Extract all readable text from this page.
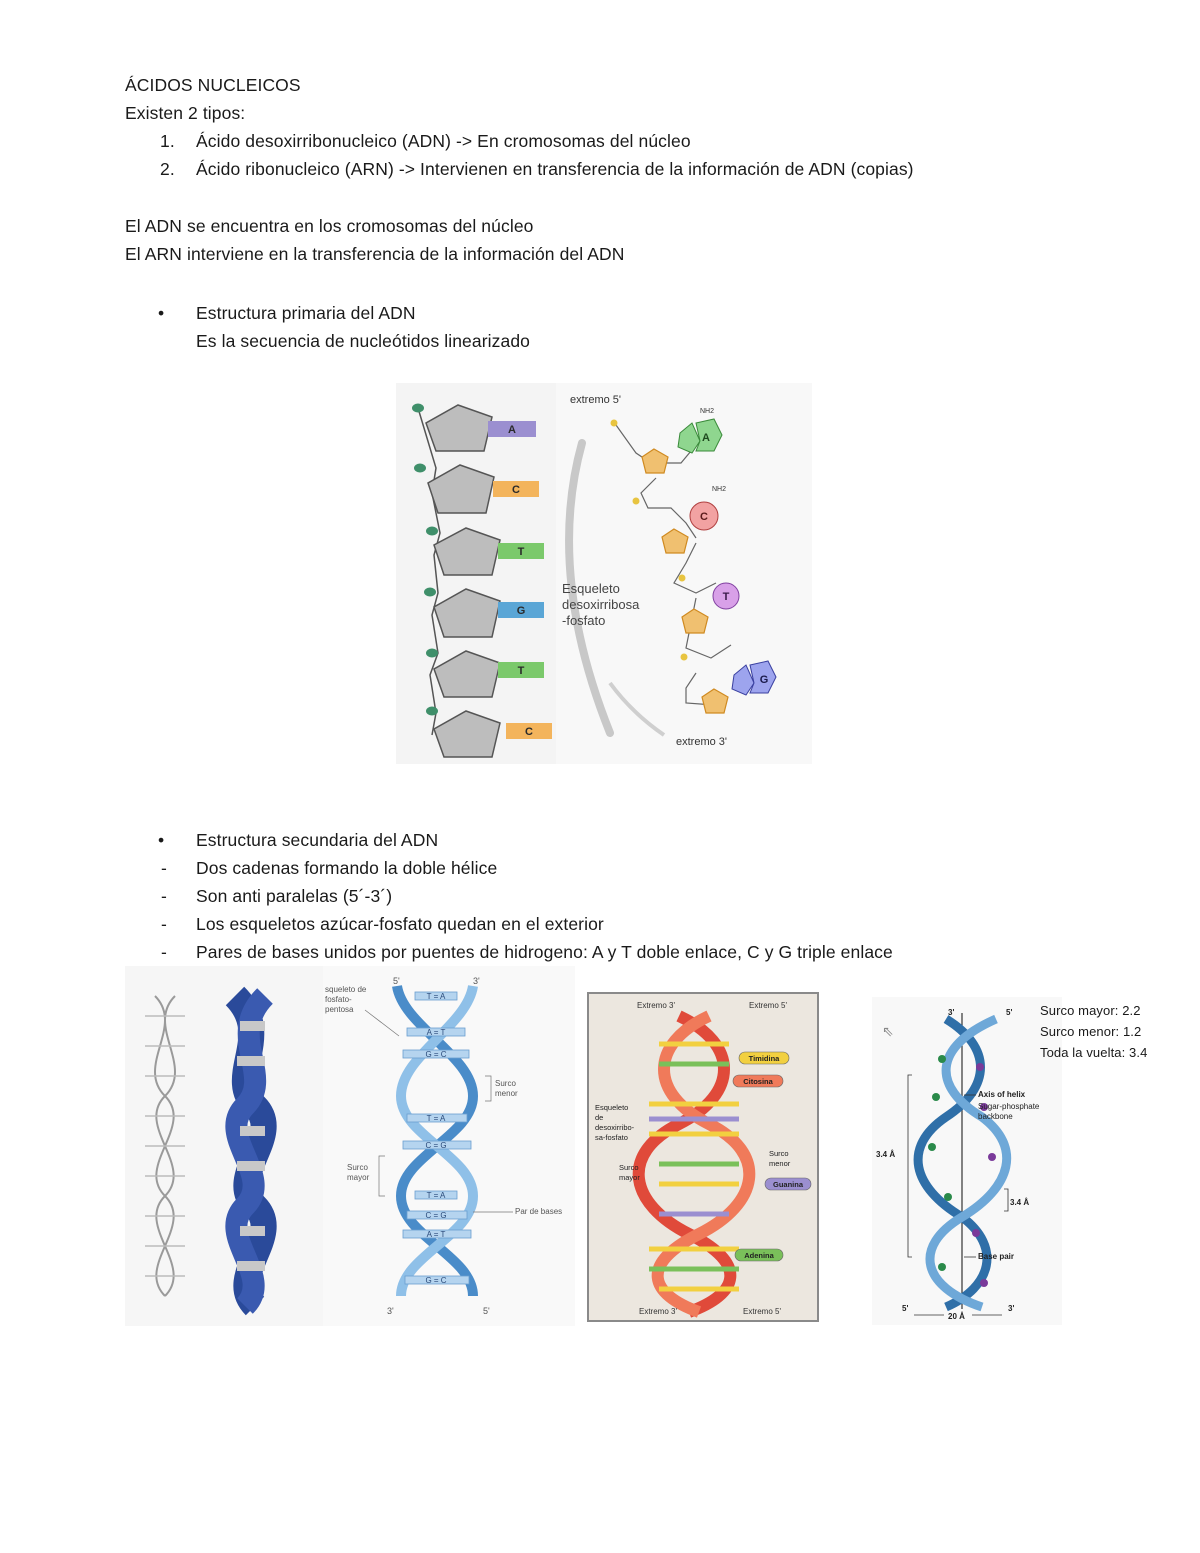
ÁCIDOS NUCLEICOS
Existen 2 tipos:
1. Ácido desoxirribonucleico (ADN) -> En cromosomas del núcleo
2. Ácido ribonucleico (ARN) -> Intervienen en transferencia de la información de ADN (copias)
El ADN se encuentra en los cromosomas del núcleo
El ARN interviene en la transferencia de la información del ADN
• Estructura primaria del ADN
Es la secuencia de nucleótidos linearizado
A
C
T
G
T
C
extremo 5'
A
NH2
C
NH2
T
G
Esqueleto
desoxirribosa
-fosfato
extremo 3'
• Estructura secundaria del ADN
- Dos cadenas formando la doble hélice
- Son anti paralelas (5´-3´)
- Los esqueletos azúcar-fosfato quedan en el exterior
- Pares de bases unidos por puentes de hidrogeno: A y T doble enlace, C y G triple enlace
5'	3'
T = A
A = T
G = C
T = A
C = G
T = A
C = G
A = T
G = C
squeleto de
fosfato-
pentosa
Surco
menor
Surco
mayor
Par de bases
3'	5'
Extremo 3'	Extremo 5'
Esqueleto
de
desoxirribo-
sa-fosfato
Surco
menor
Surco
mayor
Timidina
Citosina
Guanina
Adenina
Extremo 3'	Extremo 5'
3'	5'
Axis of helix
Sugar-phosphate
backbone
3.4 Å
3.4 Å
Base pair
5'
20 Å
3'
Surco mayor: 2.2
Surco menor: 1.2
Toda la vuelta: 3.4
⇖
